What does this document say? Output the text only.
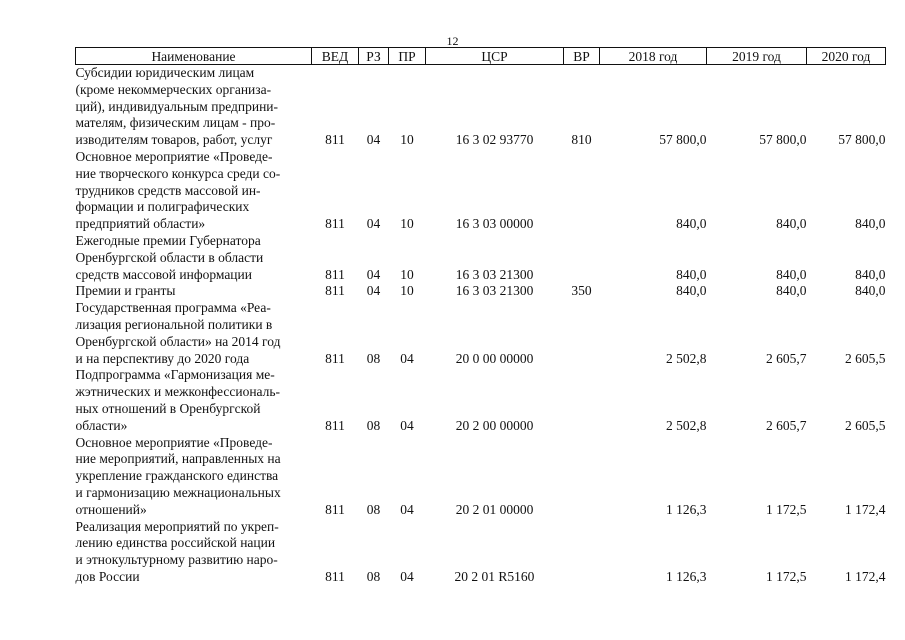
12
Наименование	ВЕД	РЗ	ПР	ЦСР	ВР	2018 год	2019 год	2020 год

Субсидии юридическим лицам
(кроме некоммерческих организа-
ций), индивидуальным предприни-
мателям, физическим лицам - про-
изводителям товаров, работ, услуг	811	04	10	16 3 02 93770	810	57 800,0	57 800,0	57 800,0

Основное мероприятие «Проведе-
ние творческого конкурса среди со-
трудников средств массовой ин-
формации и полиграфических
предприятий области»	811	04	10	16 3 03 00000		840,0	840,0	840,0

Ежегодные премии Губернатора
Оренбургской области в области
средств массовой информации	811	04	10	16 3 03 21300		840,0	840,0	840,0

Премии и гранты	811	04	10	16 3 03 21300	350	840,0	840,0	840,0

Государственная программа «Реа-
лизация региональной политики в
Оренбургской области» на 2014 год
и на перспективу до 2020 года	811	08	04	20 0 00 00000		2 502,8	2 605,7	2 605,5

Подпрограмма «Гармонизация ме-
жэтнических и межконфессиональ-
ных отношений в Оренбургской
области»	811	08	04	20 2 00 00000		2 502,8	2 605,7	2 605,5

Основное мероприятие «Проведе-
ние мероприятий, направленных на
укрепление гражданского единства
и гармонизацию межнациональных
отношений»	811	08	04	20 2 01 00000		1 126,3	1 172,5	1 172,4

Реализация мероприятий по укреп-
лению единства российской нации
и этнокультурному развитию наро-
дов России	811	08	04	20 2 01 R5160		1 126,3	1 172,5	1 172,4
